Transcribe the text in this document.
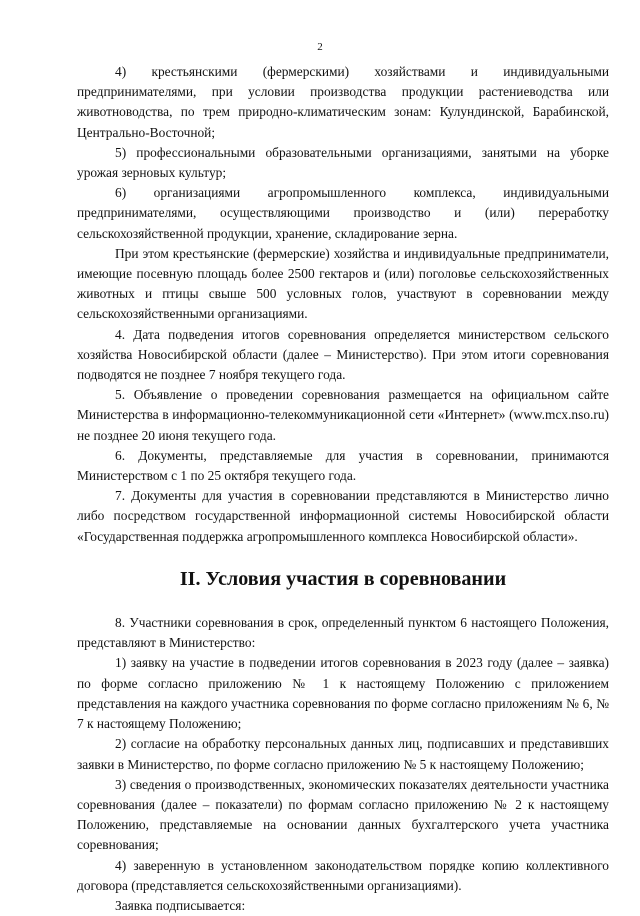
2

4) крестьянскими (фермерскими) хозяйствами и индивидуальными предпринимателями, при условии производства продукции растениеводства или животноводства, по трем природно-климатическим зонам: Кулундинской, Барабинской, Центрально-Восточной;

5) профессиональными образовательными организациями, занятыми на уборке урожая зерновых культур;

6) организациями агропромышленного комплекса, индивидуальными предпринимателями, осуществляющими производство и (или) переработку сельскохозяйственной продукции, хранение, складирование зерна.

При этом крестьянские (фермерские) хозяйства и индивидуальные предприниматели, имеющие посевную площадь более 2500 гектаров и (или) поголовье сельскохозяйственных животных и птицы свыше 500 условных голов, участвуют в соревновании между сельскохозяйственными организациями.

4. Дата подведения итогов соревнования определяется министерством сельского хозяйства Новосибирской области (далее – Министерство). При этом итоги соревнования подводятся не позднее 7 ноября текущего года.

5. Объявление о проведении соревнования размещается на официальном сайте Министерства в информационно-телекоммуникационной сети «Интернет» (www.mcx.nso.ru) не позднее 20 июня текущего года.

6. Документы, представляемые для участия в соревновании, принимаются Министерством с 1 по 25 октября текущего года.

7. Документы для участия в соревновании представляются в Министерство лично либо посредством государственной информационной системы Новосибирской области «Государственная поддержка агропромышленного комплекса Новосибирской области».

II. Условия участия в соревновании

8. Участники соревнования в срок, определенный пунктом 6 настоящего Положения, представляют в Министерство:

1) заявку на участие в подведении итогов соревнования в 2023 году (далее – заявка) по форме согласно приложению № 1 к настоящему Положению с приложением представления на каждого участника соревнования по форме согласно приложениям № 6, № 7 к настоящему Положению;

2) согласие на обработку персональных данных лиц, подписавших и представивших заявки в Министерство, по форме согласно приложению № 5 к настоящему Положению;

3) сведения о производственных, экономических показателях деятельности участника соревнования (далее – показатели) по формам согласно приложению № 2 к настоящему Положению, представляемые на основании данных бухгалтерского учета участника соревнования;

4) заверенную в установленном законодательством порядке копию коллективного договора (представляется сельскохозяйственными организациями).

Заявка подписывается:
